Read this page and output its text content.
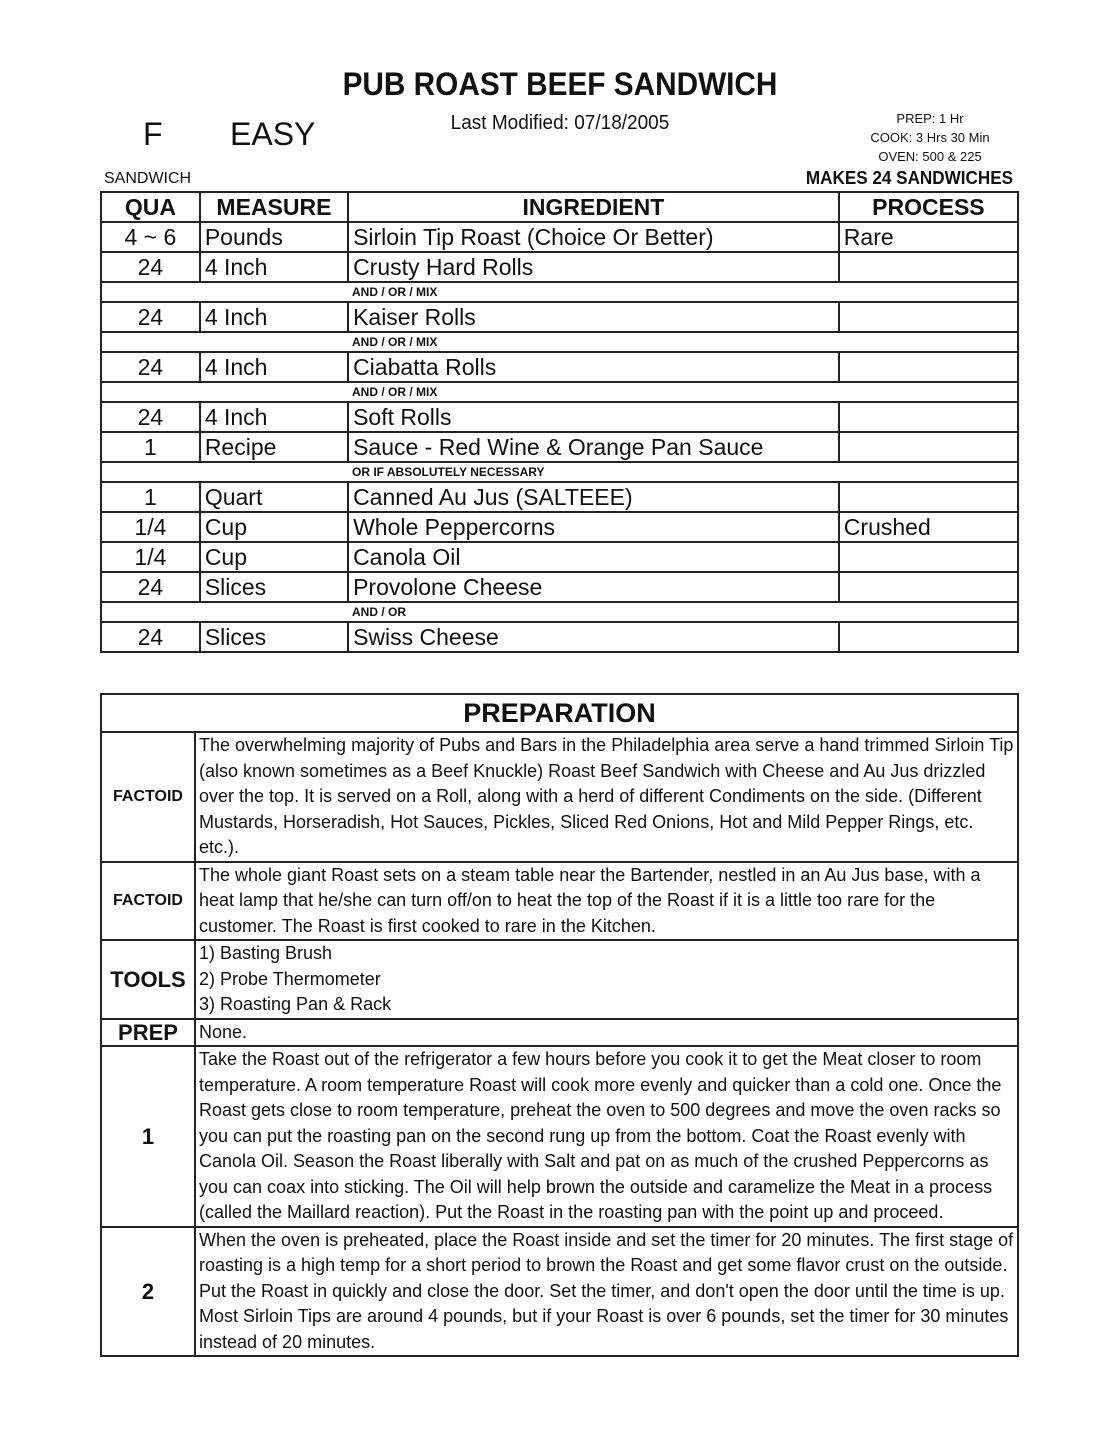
PUB ROAST BEEF SANDWICH
Last Modified: 07/18/2005
F EASY	PREP: 1 Hr
COOK: 3 Hrs 30 Min
OVEN: 500 & 225
SANDWICH	MAKES 24 SANDWICHES
QUA	MEASURE	INGREDIENT	PROCESS
4 ~ 6	Pounds	Sirloin Tip Roast (Choice Or Better)	Rare
24	4 Inch	Crusty Hard Rolls	
AND / OR / MIX			
24	4 Inch	Kaiser Rolls	
AND / OR / MIX			
24	4 Inch	Ciabatta Rolls	
AND / OR / MIX			
24	4 Inch	Soft Rolls	
1	Recipe	Sauce - Red Wine & Orange Pan Sauce	
OR IF ABSOLUTELY NECESSARY			
1	Quart	Canned Au Jus (SALTEEE)	
1/4	Cup	Whole Peppercorns	Crushed
1/4	Cup	Canola Oil	
24	Slices	Provolone Cheese	
AND / OR			
24	Slices	Swiss Cheese	
PREPARATION	
FACTOID	The overwhelming majority of Pubs and Bars in the Philadelphia area serve a hand trimmed Sirloin Tip (also known sometimes as a Beef Knuckle) Roast Beef Sandwich with Cheese and Au Jus drizzled over the top. It is served on a Roll, along with a herd of different Condiments on the side. (Different Mustards, Horseradish, Hot Sauces, Pickles, Sliced Red Onions, Hot and Mild Pepper Rings, etc. etc.).
FACTOID	The whole giant Roast sets on a steam table near the Bartender, nestled in an Au Jus base, with a heat lamp that he/she can turn off/on to heat the top of the Roast if it is a little too rare for the customer. The Roast is first cooked to rare in the Kitchen.
TOOLS	1) Basting Brush
2) Probe Thermometer
3) Roasting Pan & Rack
PREP	None.
1	Take the Roast out of the refrigerator a few hours before you cook it to get the Meat closer to room temperature. A room temperature Roast will cook more evenly and quicker than a cold one. Once the Roast gets close to room temperature, preheat the oven to 500 degrees and move the oven racks so you can put the roasting pan on the second rung up from the bottom. Coat the Roast evenly with Canola Oil. Season the Roast liberally with Salt and pat on as much of the crushed Peppercorns as you can coax into sticking. The Oil will help brown the outside and caramelize the Meat in a process (called the Maillard reaction). Put the Roast in the roasting pan with the point up and proceed.
2	When the oven is preheated, place the Roast inside and set the timer for 20 minutes. The first stage of roasting is a high temp for a short period to brown the Roast and get some flavor crust on the outside. Put the Roast in quickly and close the door. Set the timer, and don't open the door until the time is up. Most Sirloin Tips are around 4 pounds, but if your Roast is over 6 pounds, set the timer for 30 minutes instead of 20 minutes.
